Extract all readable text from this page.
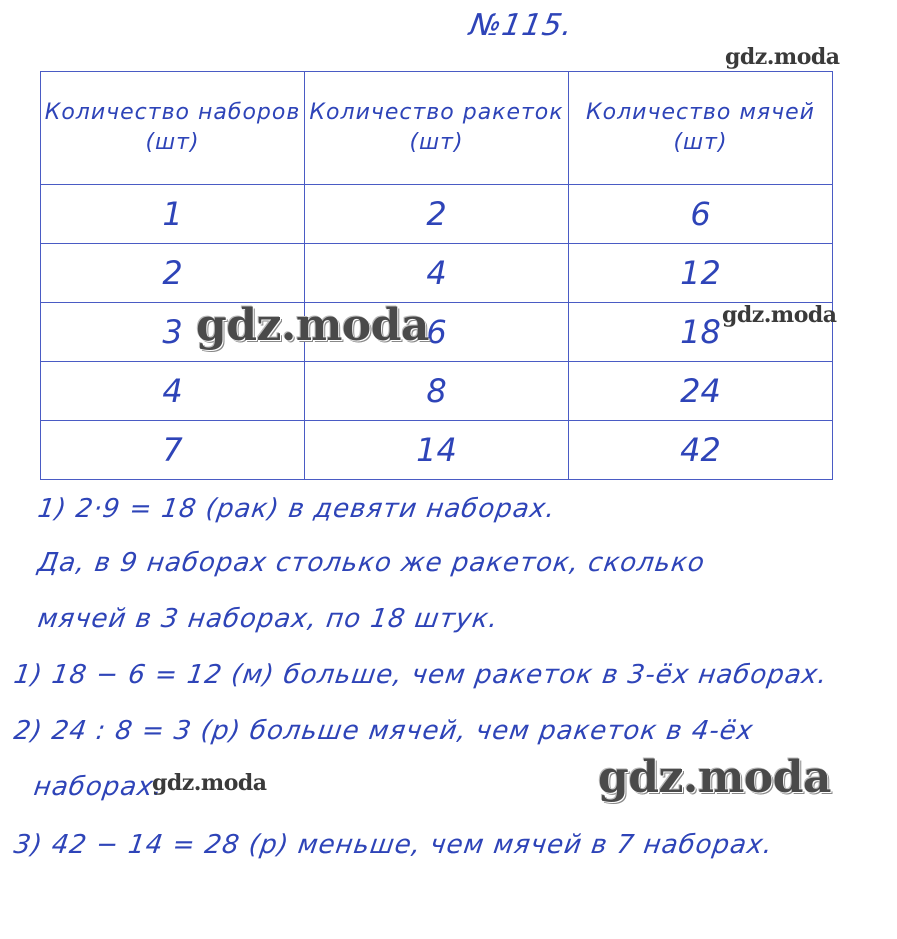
№115.
gdz.moda
Количество наборов (шт)	Количество ракеток (шт)	Количество мячей (шт)
1	2	6
2	4	12
3	6	18
4	8	24
7	14	42
gdz.moda	gdz.moda
1) 2·9 = 18 (рак) в девяти наборах.
Да, в 9 наборах столько же ракеток, сколько
мячей в 3 наборах, по 18 штук.
1) 18 − 6 = 12 (м) больше, чем ракеток в 3-ёх наборах.
2) 24 : 8 = 3 (р) больше мячей, чем ракеток в 4-ёх
наборах.
3) 42 − 14 = 28 (р) меньше, чем мячей в 7 наборах.
gdz.moda	gdz.moda
